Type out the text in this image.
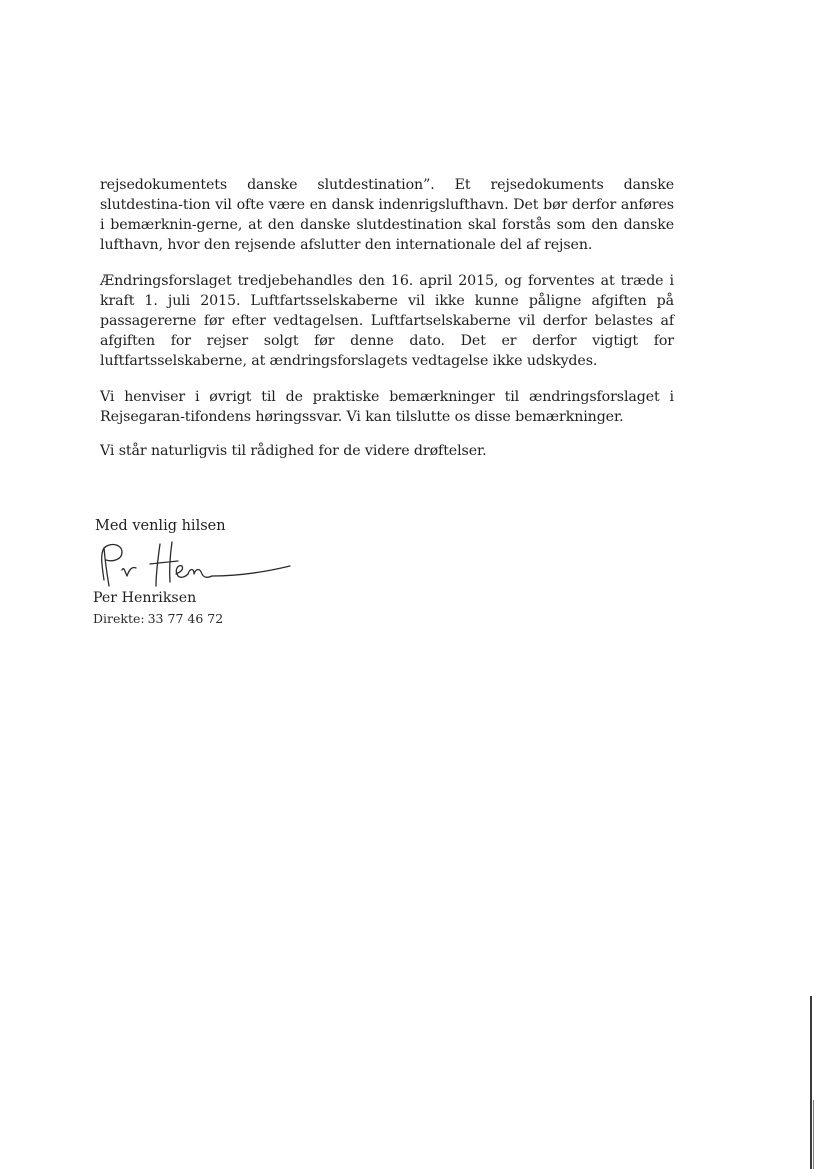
rejsedokumentets danske slutdestination”. Et rejsedokuments danske slutdestina-tion vil ofte være en dansk indenrigslufthavn. Det bør derfor anføres i bemærknin-gerne, at den danske slutdestination skal forstås som den danske lufthavn, hvor den rejsende afslutter den internationale del af rejsen.

Ændringsforslaget tredjebehandles den 16. april 2015, og forventes at træde i kraft 1. juli 2015. Luftfartsselskaberne vil ikke kunne påligne afgiften på passagererne før efter vedtagelsen. Luftfartselskaberne vil derfor belastes af afgiften for rejser solgt før denne dato. Det er derfor vigtigt for luftfartsselskaberne, at ændringsforslagets vedtagelse ikke udskydes.

Vi henviser i øvrigt til de praktiske bemærkninger til ændringsforslaget i Rejsegaran-tifondens høringssvar. Vi kan tilslutte os disse bemærkninger.

Vi står naturligvis til rådighed for de videre drøftelser.

Med venlig hilsen
Per Henriksen
Direkte: 33 77 46 72
